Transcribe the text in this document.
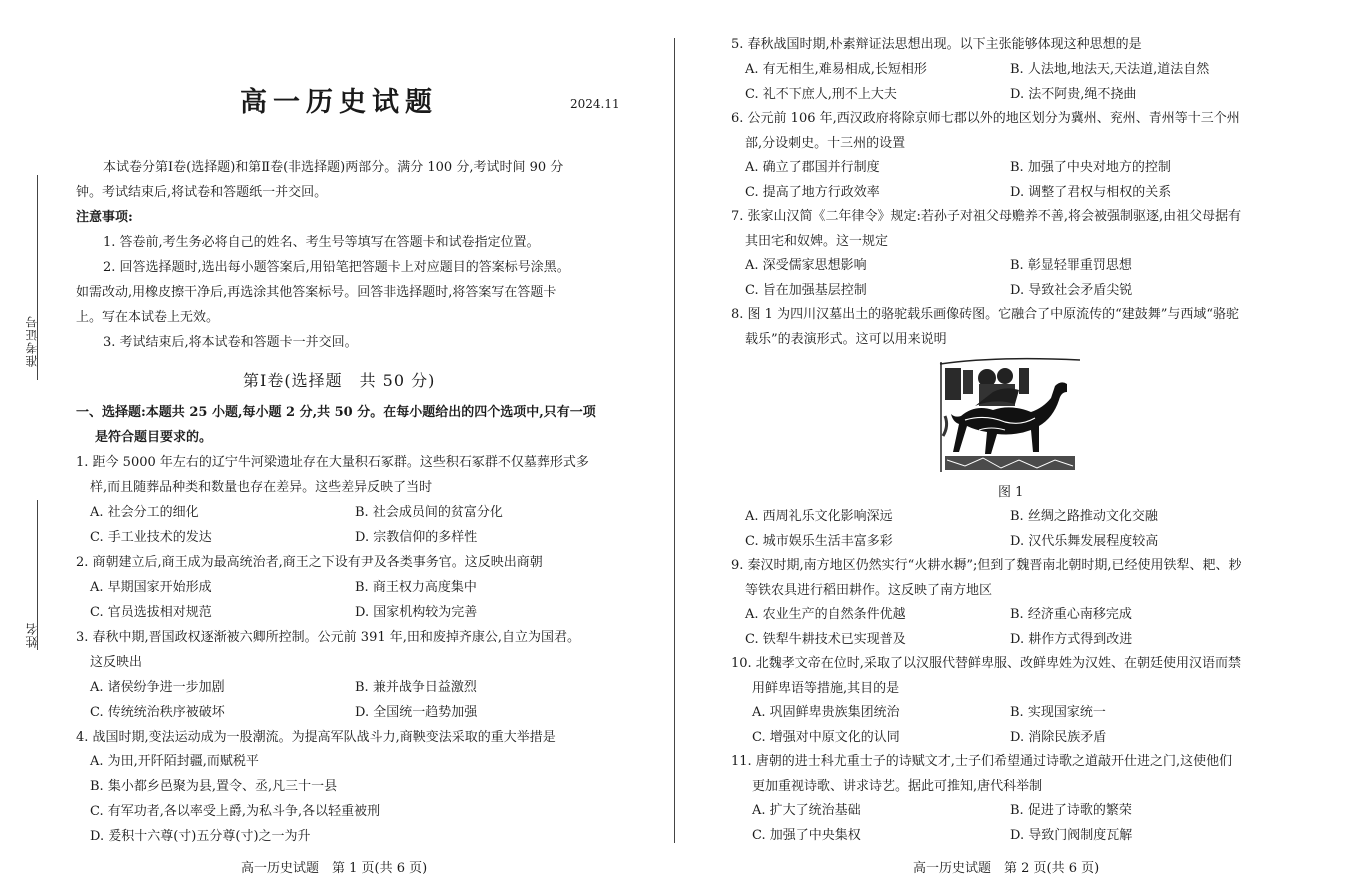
准考证号
姓名
高一历史试题	2024.11
本试卷分第Ⅰ卷(选择题)和第Ⅱ卷(非选择题)两部分。满分 100 分,考试时间 90 分
钟。考试结束后,将试卷和答题纸一并交回。
注意事项:
1. 答卷前,考生务必将自己的姓名、考生号等填写在答题卡和试卷指定位置。
2. 回答选择题时,选出每小题答案后,用铅笔把答题卡上对应题目的答案标号涂黑。
如需改动,用橡皮擦干净后,再选涂其他答案标号。回答非选择题时,将答案写在答题卡
上。写在本试卷上无效。
3. 考试结束后,将本试卷和答题卡一并交回。
第Ⅰ卷(选择题　共 50 分)
一、选择题:本题共 25 小题,每小题 2 分,共 50 分。在每小题给出的四个选项中,只有一项
是符合题目要求的。
1. 距今 5000 年左右的辽宁牛河梁遗址存在大量积石冢群。这些积石冢群不仅墓葬形式多
样,而且随葬品种类和数量也存在差异。这些差异反映了当时
A. 社会分工的细化	B. 社会成员间的贫富分化
C. 手工业技术的发达	D. 宗教信仰的多样性
2. 商朝建立后,商王成为最高统治者,商王之下设有尹及各类事务官。这反映出商朝
A. 早期国家开始形成	B. 商王权力高度集中
C. 官员选拔相对规范	D. 国家机构较为完善
3. 春秋中期,晋国政权逐渐被六卿所控制。公元前 391 年,田和废掉齐康公,自立为国君。
这反映出
A. 诸侯纷争进一步加剧	B. 兼并战争日益激烈
C. 传统统治秩序被破坏	D. 全国统一趋势加强
4. 战国时期,变法运动成为一股潮流。为提高军队战斗力,商鞅变法采取的重大举措是
A. 为田,开阡陌封疆,而赋税平
B. 集小都乡邑聚为县,置令、丞,凡三十一县
C. 有军功者,各以率受上爵,为私斗争,各以轻重被刑
D. 爰积十六尊(寸)五分尊(寸)之一为升
高一历史试题　第 1 页(共 6 页)
5. 春秋战国时期,朴素辩证法思想出现。以下主张能够体现这种思想的是
A. 有无相生,难易相成,长短相形	B. 人法地,地法天,天法道,道法自然
C. 礼不下庶人,刑不上大夫	D. 法不阿贵,绳不挠曲
6. 公元前 106 年,西汉政府将除京师七郡以外的地区划分为冀州、兖州、青州等十三个州
部,分设刺史。十三州的设置
A. 确立了郡国并行制度	B. 加强了中央对地方的控制
C. 提高了地方行政效率	D. 调整了君权与相权的关系
7. 张家山汉简《二年律令》规定:若孙子对祖父母赡养不善,将会被强制驱逐,由祖父母据有
其田宅和奴婢。这一规定
A. 深受儒家思想影响	B. 彰显轻罪重罚思想
C. 旨在加强基层控制	D. 导致社会矛盾尖锐
8. 图 1 为四川汉墓出土的骆驼载乐画像砖图。它融合了中原流传的“建鼓舞”与西域“骆驼
载乐”的表演形式。这可以用来说明
图 1
A. 西周礼乐文化影响深远	B. 丝绸之路推动文化交融
C. 城市娱乐生活丰富多彩	D. 汉代乐舞发展程度较高
9. 秦汉时期,南方地区仍然实行“火耕水耨”;但到了魏晋南北朝时期,已经使用铁犁、耙、耖
等铁农具进行稻田耕作。这反映了南方地区
A. 农业生产的自然条件优越	B. 经济重心南移完成
C. 铁犁牛耕技术已实现普及	D. 耕作方式得到改进
10. 北魏孝文帝在位时,采取了以汉服代替鲜卑服、改鲜卑姓为汉姓、在朝廷使用汉语而禁
用鲜卑语等措施,其目的是
A. 巩固鲜卑贵族集团统治	B. 实现国家统一
C. 增强对中原文化的认同	D. 消除民族矛盾
11. 唐朝的进士科尤重士子的诗赋文才,士子们希望通过诗歌之道敲开仕进之门,这使他们
更加重视诗歌、讲求诗艺。据此可推知,唐代科举制
A. 扩大了统治基础	B. 促进了诗歌的繁荣
C. 加强了中央集权	D. 导致门阀制度瓦解
高一历史试题　第 2 页(共 6 页)
